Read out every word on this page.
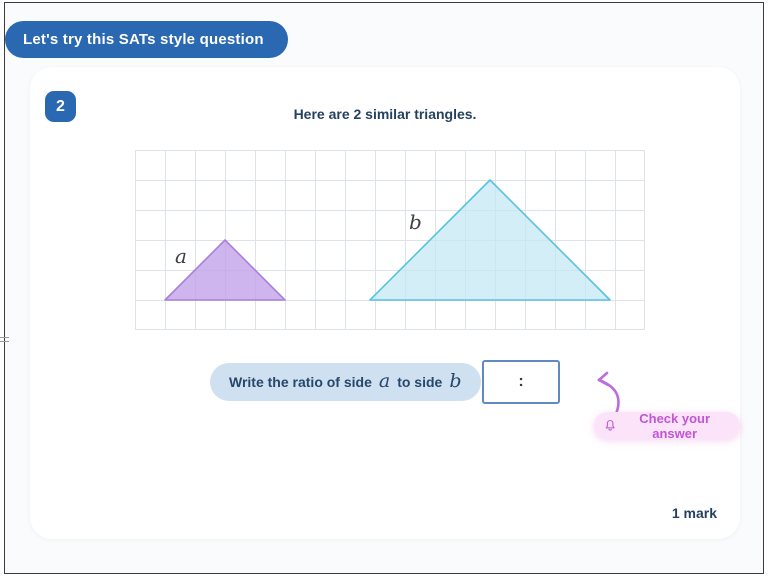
Let's try this SATs style question
2	Here are 2 similar triangles.
a
b
Write the ratio of side a to side b	:
Check your answer
1 mark
